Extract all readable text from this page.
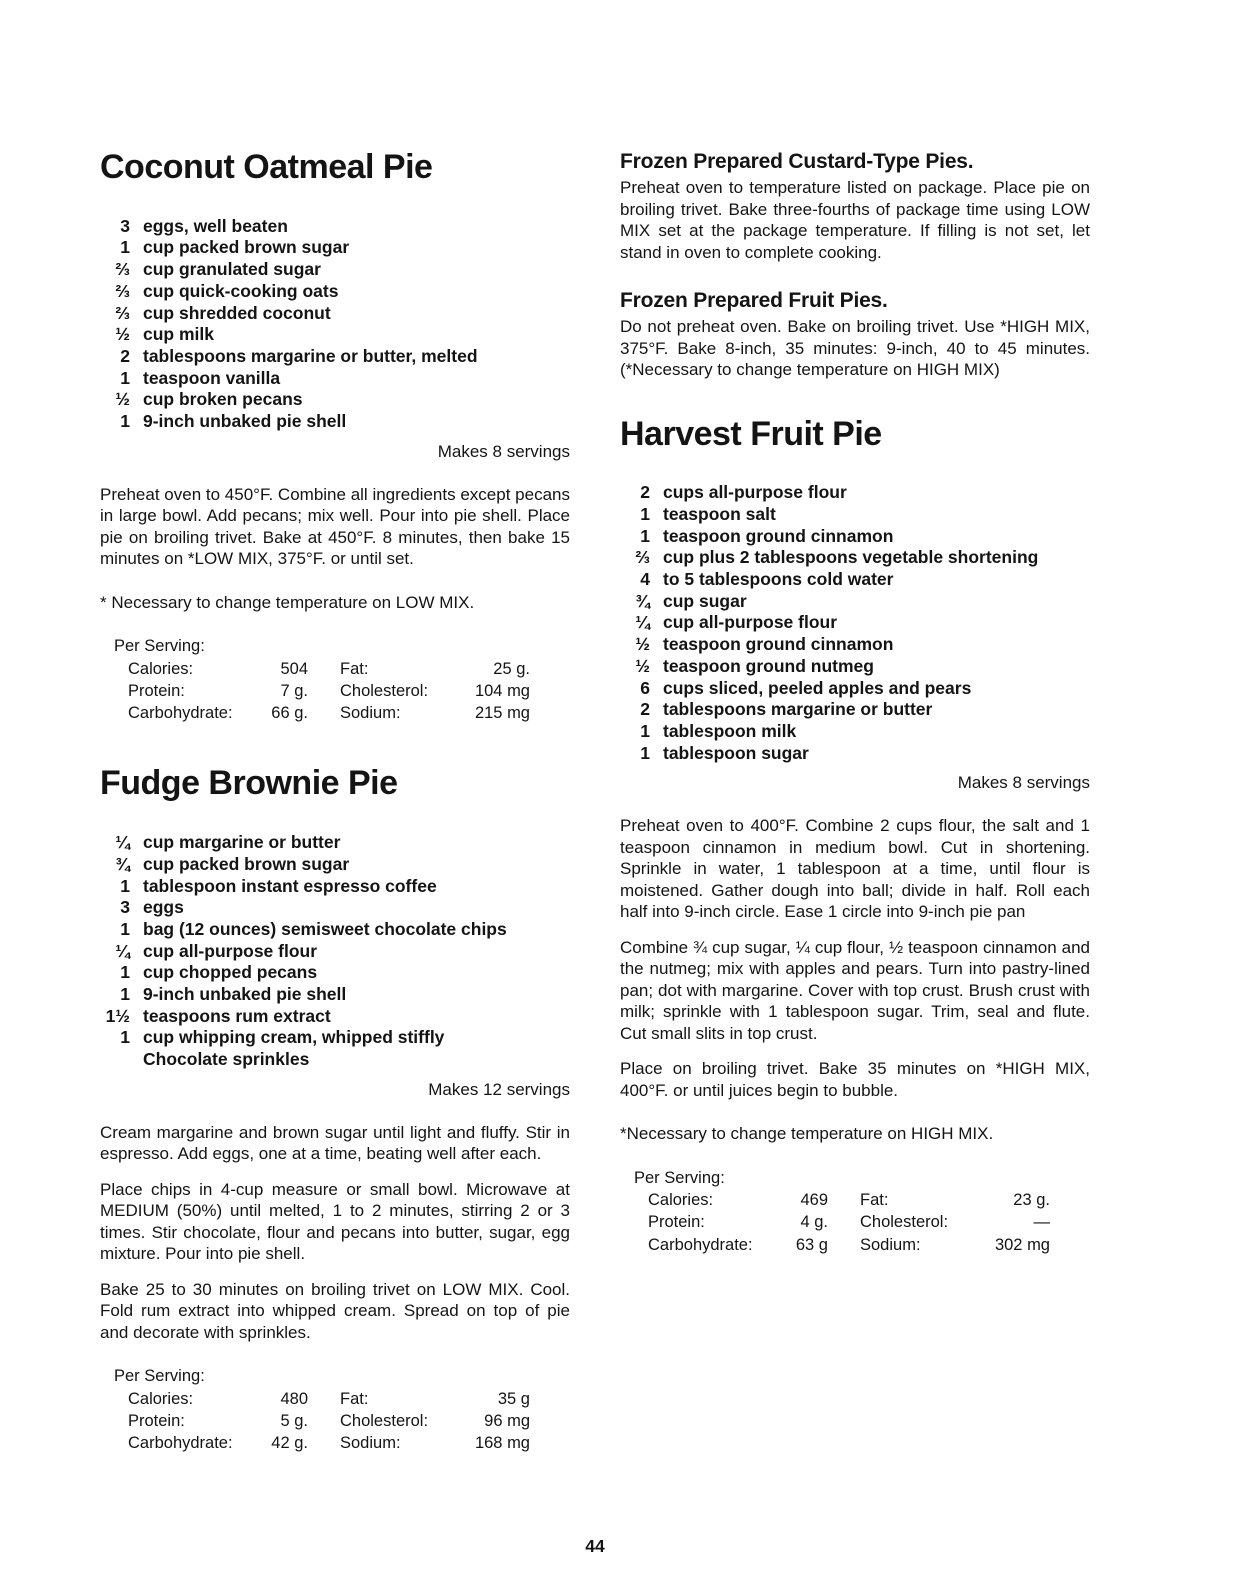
Coconut Oatmeal Pie
3 eggs, well beaten
1 cup packed brown sugar
⅔ cup granulated sugar
⅔ cup quick-cooking oats
⅔ cup shredded coconut
½ cup milk
2 tablespoons margarine or butter, melted
1 teaspoon vanilla
½ cup broken pecans
1 9-inch unbaked pie shell
Makes 8 servings

Preheat oven to 450°F. Combine all ingredients except pecans in large bowl. Add pecans; mix well. Pour into pie shell. Place pie on broiling trivet. Bake at 450°F. 8 minutes, then bake 15 minutes on *LOW MIX, 375°F. or until set.

* Necessary to change temperature on LOW MIX.

Per Serving:
Calories:	504	Fat:	25 g.
Protein:	7 g.	Cholesterol:	104 mg
Carbohydrate:	66 g.	Sodium:	215 mg
Fudge Brownie Pie
¼ cup margarine or butter
¾ cup packed brown sugar
1 tablespoon instant espresso coffee
3 eggs
1 bag (12 ounces) semisweet chocolate chips
¼ cup all-purpose flour
1 cup chopped pecans
1 9-inch unbaked pie shell
1½ teaspoons rum extract
1 cup whipping cream, whipped stiffly
Chocolate sprinkles
Makes 12 servings

Cream margarine and brown sugar until light and fluffy. Stir in espresso. Add eggs, one at a time, beating well after each.

Place chips in 4-cup measure or small bowl. Microwave at MEDIUM (50%) until melted, 1 to 2 minutes, stirring 2 or 3 times. Stir chocolate, flour and pecans into butter, sugar, egg mixture. Pour into pie shell.

Bake 25 to 30 minutes on broiling trivet on LOW MIX. Cool. Fold rum extract into whipped cream. Spread on top of pie and decorate with sprinkles.

Per Serving:
Calories:	480	Fat:	35 g
Protein:	5 g.	Cholesterol:	96 mg
Carbohydrate:	42 g.	Sodium:	168 mg
Frozen Prepared Custard-Type Pies.

Preheat oven to temperature listed on package. Place pie on broiling trivet. Bake three-fourths of package time using LOW MIX set at the package temperature. If filling is not set, let stand in oven to complete cooking.

Frozen Prepared Fruit Pies.

Do not preheat oven. Bake on broiling trivet. Use *HIGH MIX, 375°F. Bake 8-inch, 35 minutes: 9-inch, 40 to 45 minutes. (*Necessary to change temperature on HIGH MIX)

Harvest Fruit Pie
2 cups all-purpose flour
1 teaspoon salt
1 teaspoon ground cinnamon
⅔ cup plus 2 tablespoons vegetable shortening
4 to 5 tablespoons cold water
¾ cup sugar
¼ cup all-purpose flour
½ teaspoon ground cinnamon
½ teaspoon ground nutmeg
6 cups sliced, peeled apples and pears
2 tablespoons margarine or butter
1 tablespoon milk
1 tablespoon sugar
Makes 8 servings

Preheat oven to 400°F. Combine 2 cups flour, the salt and 1 teaspoon cinnamon in medium bowl. Cut in shortening. Sprinkle in water, 1 tablespoon at a time, until flour is moistened. Gather dough into ball; divide in half. Roll each half into 9-inch circle. Ease 1 circle into 9-inch pie pan

Combine ¾ cup sugar, ¼ cup flour, ½ teaspoon cinnamon and the nutmeg; mix with apples and pears. Turn into pastry-lined pan; dot with margarine. Cover with top crust. Brush crust with milk; sprinkle with 1 tablespoon sugar. Trim, seal and flute. Cut small slits in top crust.

Place on broiling trivet. Bake 35 minutes on *HIGH MIX, 400°F. or until juices begin to bubble.

*Necessary to change temperature on HIGH MIX.

Per Serving:
Calories:	469	Fat:	23 g.
Protein:	4 g.	Cholesterol:	—
Carbohydrate:	63 g	Sodium:	302 mg
44
